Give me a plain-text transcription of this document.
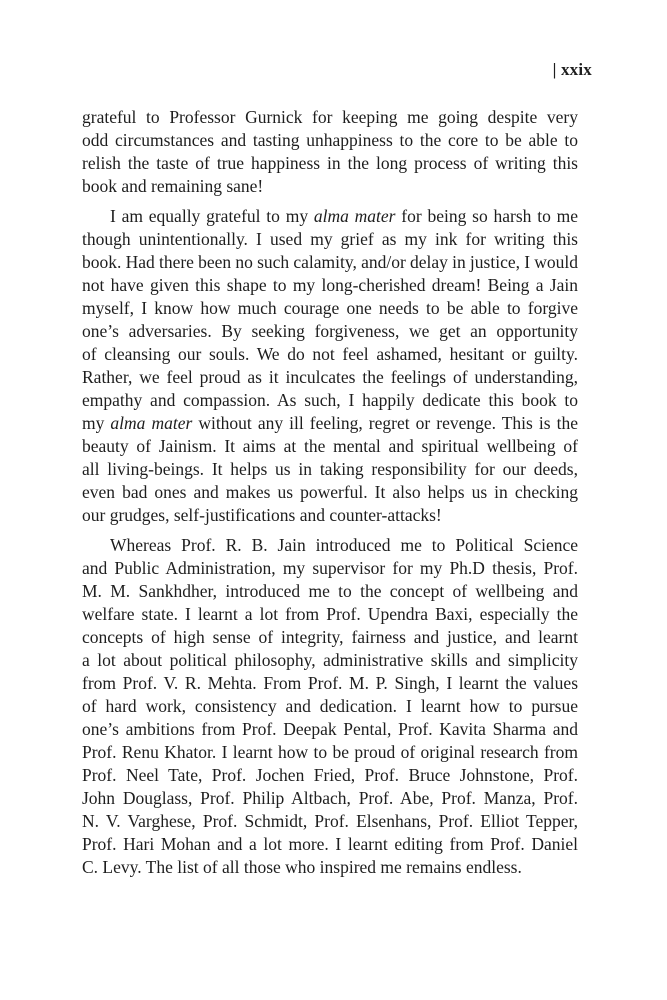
| xxix
grateful to Professor Gurnick for keeping me going despite very
odd circumstances and tasting unhappiness to the core to be able to
relish the taste of true happiness in the long process of writing this
book and remaining sane!
I am equally grateful to my alma mater for being so harsh to me
though unintentionally. I used my grief as my ink for writing this
book. Had there been no such calamity, and/or delay in justice, I would
not have given this shape to my long-cherished dream! Being a Jain
myself, I know how much courage one needs to be able to forgive
one’s adversaries. By seeking forgiveness, we get an opportunity
of cleansing our souls. We do not feel ashamed, hesitant or guilty.
Rather, we feel proud as it inculcates the feelings of understanding,
empathy and compassion. As such, I happily dedicate this book to
my alma mater without any ill feeling, regret or revenge. This is the
beauty of Jainism. It aims at the mental and spiritual wellbeing of
all living-beings. It helps us in taking responsibility for our deeds,
even bad ones and makes us powerful. It also helps us in checking
our grudges, self-justifications and counter-attacks!
Whereas Prof. R. B. Jain introduced me to Political Science
and Public Administration, my supervisor for my Ph.D thesis, Prof.
M. M. Sankhdher, introduced me to the concept of wellbeing and
welfare state. I learnt a lot from Prof. Upendra Baxi, especially the
concepts of high sense of integrity, fairness and justice, and learnt
a lot about political philosophy, administrative skills and simplicity
from Prof. V. R. Mehta. From Prof. M. P. Singh, I learnt the values
of hard work, consistency and dedication. I learnt how to pursue
one’s ambitions from Prof. Deepak Pental, Prof. Kavita Sharma and
Prof. Renu Khator. I learnt how to be proud of original research from
Prof. Neel Tate, Prof. Jochen Fried, Prof. Bruce Johnstone, Prof.
John Douglass, Prof. Philip Altbach, Prof. Abe, Prof. Manza, Prof.
N. V. Varghese, Prof. Schmidt, Prof. Elsenhans, Prof. Elliot Tepper,
Prof. Hari Mohan and a lot more. I learnt editing from Prof. Daniel
C. Levy. The list of all those who inspired me remains endless.
